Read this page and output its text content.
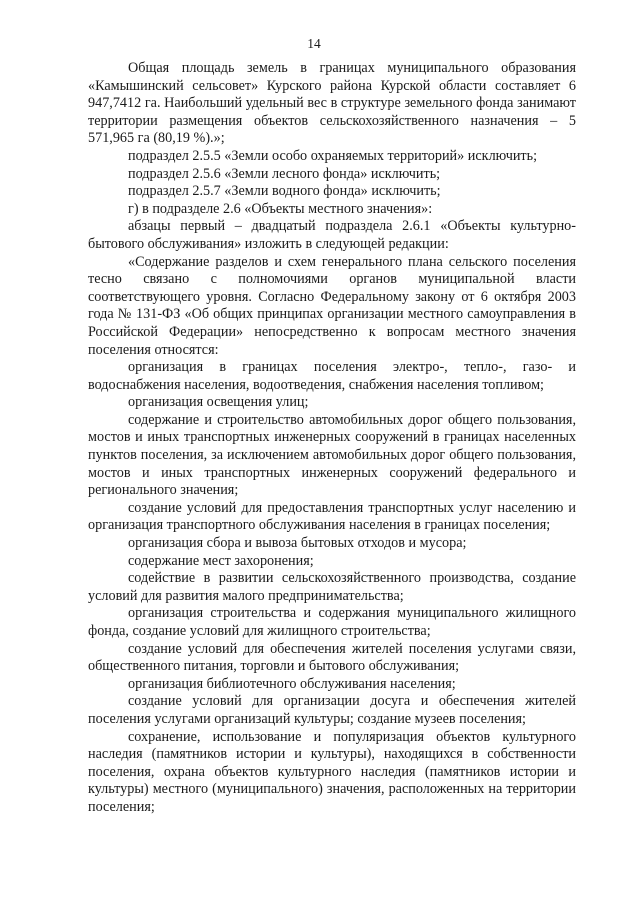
14

Общая площадь земель в границах муниципального образования «Камышинский сельсовет» Курского района Курской области составляет 6 947,7412 га. Наибольший удельный вес в структуре земельного фонда занимают территории размещения объектов сельскохозяйственного назначения – 5 571,965 га (80,19 %).»;

подраздел 2.5.5 «Земли особо охраняемых территорий» исключить;

подраздел 2.5.6 «Земли лесного фонда» исключить;

подраздел 2.5.7 «Земли водного фонда» исключить;

г) в подразделе 2.6 «Объекты местного значения»:

абзацы первый – двадцатый подраздела 2.6.1 «Объекты культурно-бытового обслуживания» изложить в следующей редакции:

«Содержание разделов и схем генерального плана сельского поселения тесно связано с полномочиями органов муниципальной власти соответствующего уровня. Согласно Федеральному закону от 6 октября 2003 года № 131-ФЗ «Об общих принципах организации местного самоуправления в Российской Федерации» непосредственно к вопросам местного значения поселения относятся:

организация в границах поселения электро-, тепло-, газо- и водоснабжения населения, водоотведения, снабжения населения топливом;

организация освещения улиц;

содержание и строительство автомобильных дорог общего пользования, мостов и иных транспортных инженерных сооружений в границах населенных пунктов поселения, за исключением автомобильных дорог общего пользования, мостов и иных транспортных инженерных сооружений федерального и регионального значения;

создание условий для предоставления транспортных услуг населению и организация транспортного обслуживания населения в границах поселения;

организация сбора и вывоза бытовых отходов и мусора;

содержание мест захоронения;

содействие в развитии сельскохозяйственного производства, создание условий для развития малого предпринимательства;

организация строительства и содержания муниципального жилищного фонда, создание условий для жилищного строительства;

создание условий для обеспечения жителей поселения услугами связи, общественного питания, торговли и бытового обслуживания;

организация библиотечного обслуживания населения;

создание условий для организации досуга и обеспечения жителей поселения услугами организаций культуры; создание музеев поселения;

сохранение, использование и популяризация объектов культурного наследия (памятников истории и культуры), находящихся в собственности поселения, охрана объектов культурного наследия (памятников истории и культуры) местного (муниципального) значения, расположенных на территории поселения;
